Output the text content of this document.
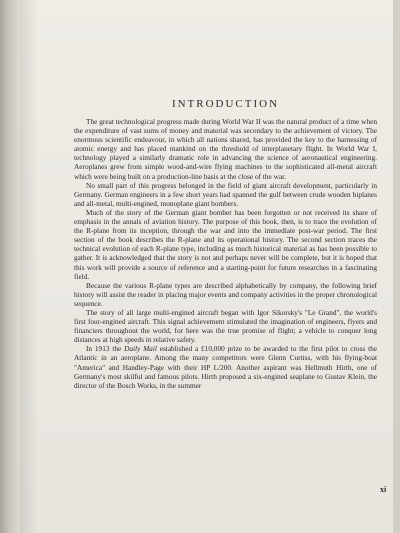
INTRODUCTION

The great technological progress made during World War II was the natural product of a time when the expenditure of vast sums of money and material was secondary to the achievement of victory. The enormous scientific endeavour, in which all nations shared, has provided the key to the harnessing of atomic energy and has placed mankind on the threshold of interplanetary flight. In World War I, technology played a similarly dramatic role in advancing the science of aeronautical engineering. Aeroplanes grew from simple wood-and-wire flying machines to the sophisticated all-metal aircraft which were being built on a production-line basis at the close of the war.

No small part of this progress belonged in the field of giant aircraft development, particularly in Germany. German engineers in a few short years had spanned the gulf between crude wooden biplanes and all-metal, multi-engined, monoplane giant bombers.

Much of the story of the German giant bomber has been forgotten or not received its share of emphasis in the annals of aviation history. The purpose of this book, then, is to trace the evolution of the R-plane from its inception, through the war and into the immediate post-war period. The first section of the book describes the R-plane and its operational history. The second section traces the technical evolution of each R-plane type, including as much historical material as has been possible to gather. It is acknowledged that the story is not and perhaps never will be complete, but it is hoped that this work will provide a source of reference and a starting-point for future researches in a fascinating field.

Because the various R-plane types are described alphabetically by company, the following brief history will assist the reader in placing major events and company activities in the proper chronological sequence.

The story of all large multi-engined aircraft began with Igor Sikorsky's "Le Grand", the world's first four-engined aircraft. This signal achievement stimulated the imagination of engineers, flyers and financiers throughout the world, for here was the true promise of flight; a vehicle to conquer long distances at high speeds in relative safety.

In 1913 the Daily Mail established a £10,000 prize to be awarded to the first pilot to cross the Atlantic in an aeroplane. Among the many competitors were Glenn Curtiss, with his flying-boat "America" and Handley-Page with their HP L/200. Another aspirant was Hellmuth Hirth, one of Germany's most skilful and famous pilots. Hirth proposed a six-engined seaplane to Gustav Klein, the director of the Bosch Works, in the summer

xi
